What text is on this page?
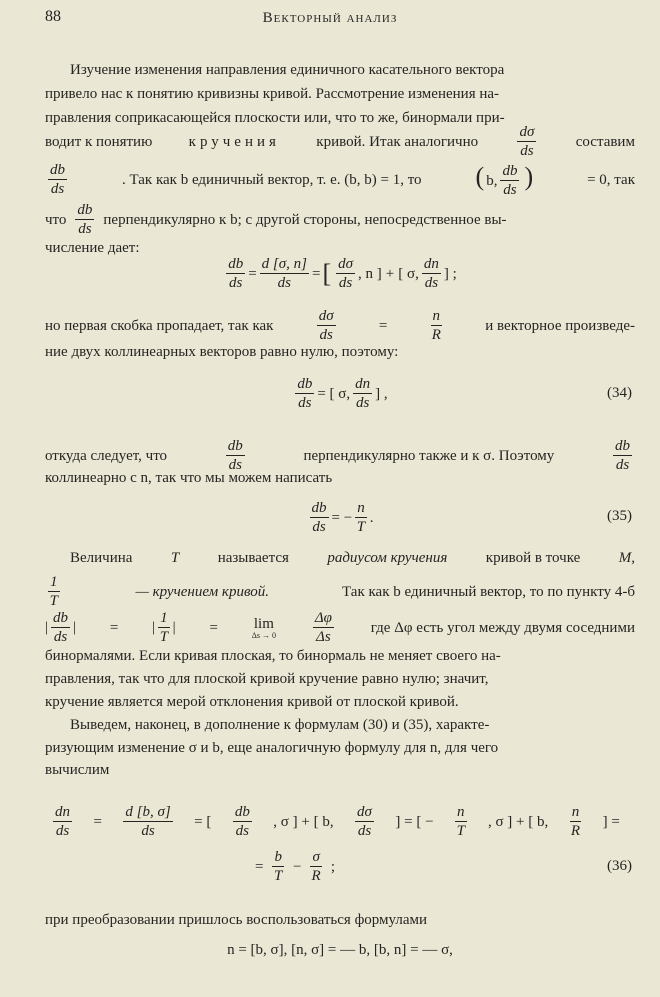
88	Векторный анализ
Изучение изменения направления единичного касательного вектора
привело нас к понятию кривизны кривой. Рассмотрение изменения на-
правления соприкасающейся плоскости или, что то же, бинормали при-
водит к понятию кручения кривой. Итак аналогично
dσ
ds
составим
db
ds
. Так как b единичный вектор, т. е. (b, b) = 1, то ( b, $\frac{db}{ds}$ )	= 0, так
что
db
ds
перпендикулярно к b; с другой стороны, непосредственное вы-
числение дает:
$\frac{db}{ds} = \frac{d [\sigma, n]}{ds}$ = [ dσ
ds
, n ] + [ σ,
dn
ds
] ;
но первая скобка пропадает, так как	$\frac{d\sigma}{ds}$	=	$\frac{n}{R}$	и векторное произведе-
ние двух коллинеарных векторов равно нулю, поэтому:
$\frac{db}{ds}$ = [ σ,
dn
ds
] ,	(34)
откуда следует, что
db
ds
перпендикулярно также и к σ. Поэтому
db
ds
коллинеарно с n, так что мы можем написать
$\frac{db}{ds}$ = − $\frac{n}{T}$ .	(35)
Величина	T	называется	радиусом кручения	кривой в точке	M,
1
T
— кручением кривой.	Так как b единичный вектор, то по пункту 4-б
| $\frac{db}{ds}$ | = | $\frac{1}{T}$ | = lim
Δs → 0
Δφ
Δs
где Δφ есть угол между двумя соседними
бинормалями. Если кривая плоская, то бинормаль не меняет своего на-
правления, так что для плоской кривой кручение равно нулю; значит,
кручение является мерой отклонения кривой от плоской кривой.
Выведем, наконец, в дополнение к формулам (30) и (35), характе-
ризующим изменение σ и b, еще аналогичную формулу для n, для чего
вычислим
$\frac{dn}{ds} = \frac{d [b, \sigma]}{ds}$ = [
db
ds
, σ ] + [ b,
dσ
ds
] = [ − $\frac{n}{T}$ , σ ] + [ b,
n
R
] =
= $\frac{b}{T} - \frac{\sigma}{R}$ ;	(36)
при преобразовании пришлось воспользоваться формулами
n = [b, σ], [n, σ] = — b, [b, n] = — σ,
